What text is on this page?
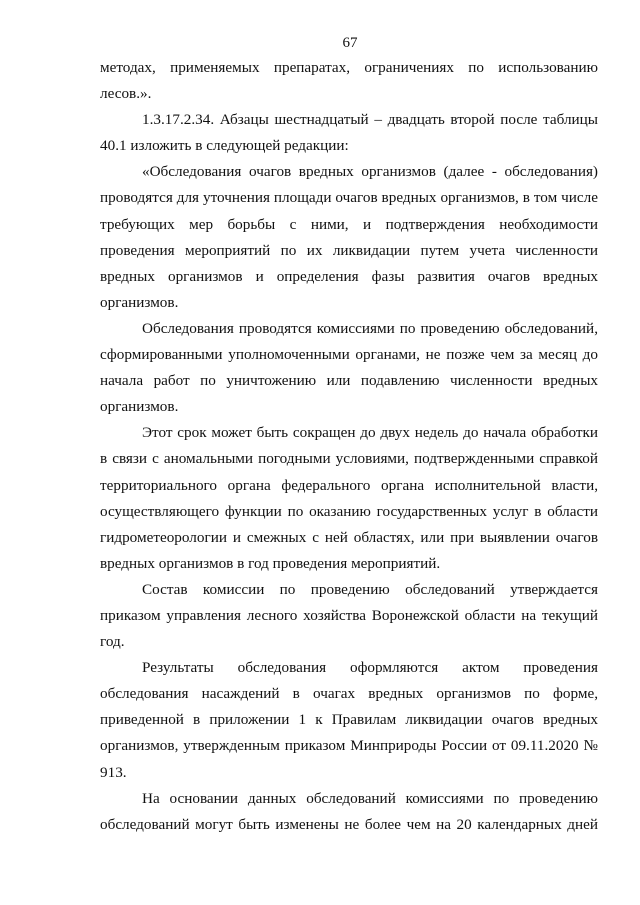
67

методах, применяемых препаратах, ограничениях по использованию лесов.».

1.3.17.2.34. Абзацы шестнадцатый – двадцать второй после таблицы 40.1 изложить в следующей редакции:

«Обследования очагов вредных организмов (далее - обследования) проводятся для уточнения площади очагов вредных организмов, в том числе требующих мер борьбы с ними, и подтверждения необходимости проведения мероприятий по их ликвидации путем учета численности вредных организмов и определения фазы развития очагов вредных организмов.

Обследования проводятся комиссиями по проведению обследований, сформированными уполномоченными органами, не позже чем за месяц до начала работ по уничтожению или подавлению численности вредных организмов.

Этот срок может быть сокращен до двух недель до начала обработки в связи с аномальными погодными условиями, подтвержденными справкой территориального органа федерального органа исполнительной власти, осуществляющего функции по оказанию государственных услуг в области гидрометеорологии и смежных с ней областях, или при выявлении очагов вредных организмов в год проведения мероприятий.

Состав комиссии по проведению обследований утверждается приказом управления лесного хозяйства Воронежской области на текущий год.

Результаты обследования оформляются актом проведения обследования насаждений в очагах вредных организмов по форме, приведенной в приложении 1 к Правилам ликвидации очагов вредных организмов, утвержденным приказом Минприроды России от 09.11.2020 № 913.

На основании данных обследований комиссиями по проведению обследований могут быть изменены не более чем на 20 календарных дней
